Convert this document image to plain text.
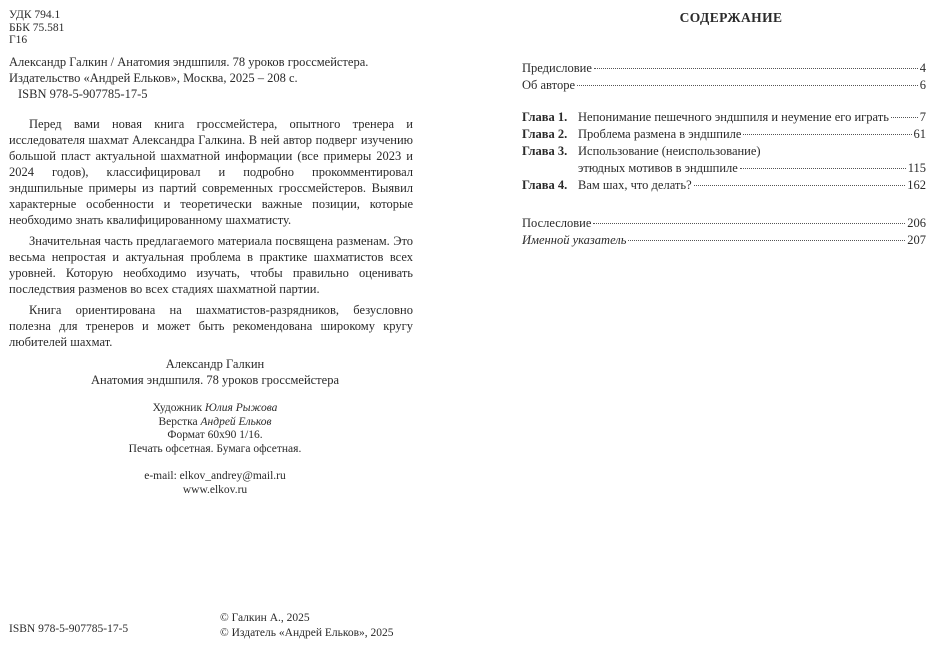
УДК 794.1
ББК 75.581
Г16
Александр Галкин / Анатомия эндшпиля. 78 уроков гроссмейстера.
Издательство «Андрей Ельков», Москва, 2025 – 208 с.
ISBN 978-5-907785-17-5

Перед вами новая книга гроссмейстера, опытного тренера и исследователя шахмат Александра Галкина. В ней автор подверг изучению большой пласт актуальной шахматной информации (все примеры 2023 и 2024 годов), классифицировал и подробно прокомментировал эндшпильные примеры из партий современных гроссмейстеров. Выявил характерные особенности и теоретически важные позиции, которые необходимо знать квалифицированному шахматисту.

Значительная часть предлагаемого материала посвящена разменам. Это весьма непростая и актуальная проблема в практике шахматистов всех уровней. Которую необходимо изучать, чтобы правильно оценивать последствия разменов во всех стадиях шахматной партии.

Книга ориентирована на шахматистов-разрядников, безусловно полезна для тренеров и может быть рекомендована широкому кругу любителей шахмат.

Александр Галкин
Анатомия эндшпиля. 78 уроков гроссмейстера
Художник Юлия Рыжова
Верстка Андрей Ельков
Формат 60х90 1/16.
Печать офсетная. Бумага офсетная.
e-mail: elkov_andrey@mail.ru
www.elkov.ru
ISBN 978-5-907785-17-5
© Галкин А., 2025
© Издатель «Андрей Ельков», 2025
СОДЕРЖАНИЕ
Предисловие	4
Об авторе	6
Глава 1. Непонимание пешечного эндшпиля и неумение его играть 7
Глава 2. Проблема размена в эндшпиле	61
Глава 3. Использование (неиспользование)
этюдных мотивов в эндшпиле	115
Глава 4. Вам шах, что делать?	162
Послесловие	206
Именной указатель	207
